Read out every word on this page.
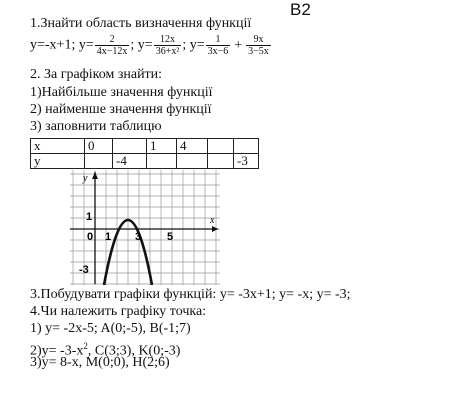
B2
1.Знайти область визначення функції
y=-x+1; $y= \frac{2}{4x-12x}$ ; $y= \frac{12x}{\text{36+x²}}$ ; $y= \frac{1}{3x-6} + \frac{9x}{3-5x}$
2. За графіком знайти:
1)Найбільше значення функції
2) найменше значення функції
3) заповнити таблицю
x	0		1	4		
y		-4				-3
y
x
0 1 3 5
1
-3
3.Побудувати графіки функцій: y= -3x+1; y= -x; y= -3;
4.Чи належить графіку точка:
1) y= -2x-5; A(0;-5), B(-1;7)
$2)y= -3-x^2$, C(3;3), K(0;-3)
3)y= 8-x, M(0;0), H(2;6)
